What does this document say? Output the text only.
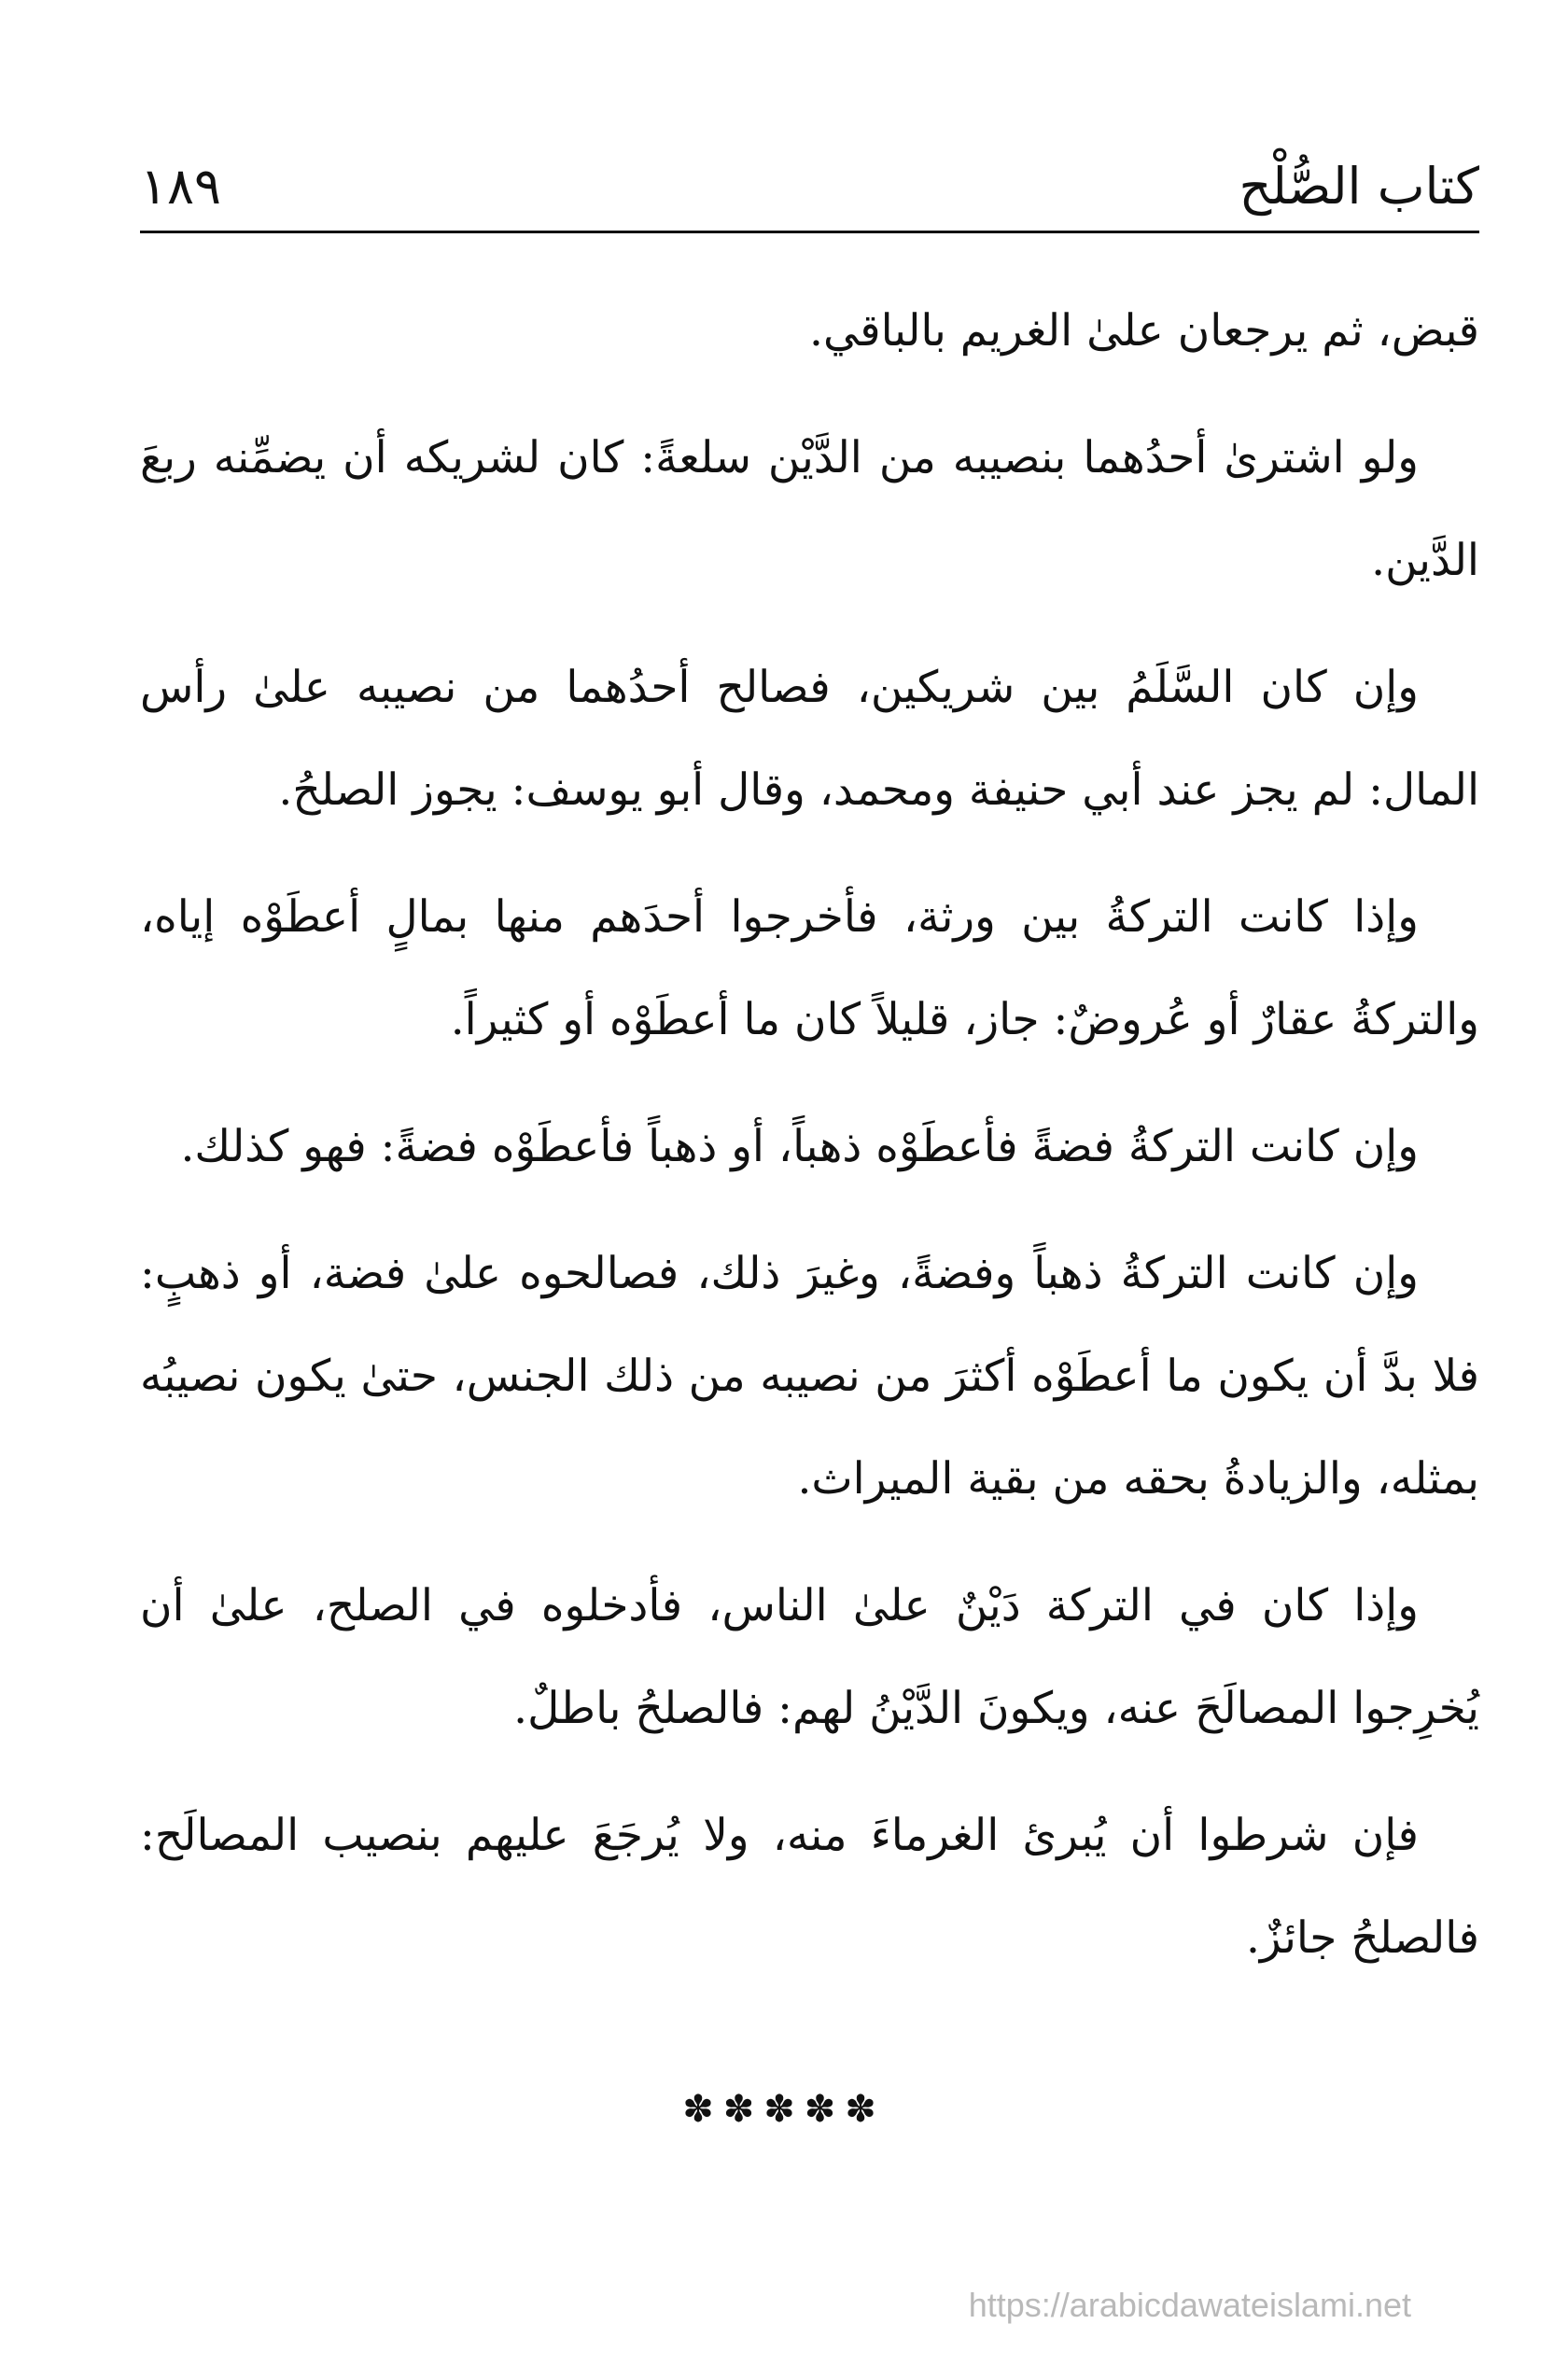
كتاب الصُّلْح
١٨٩

قبض، ثم يرجعان علىٰ الغريم بالباقي.

ولو اشترىٰ أحدُهما بنصيبه من الدَّيْن سلعةً: كان لشريكه أن يضمِّنه ربعَ الدَّين.

وإن كان السَّلَمُ بين شريكين، فصالح أحدُهما من نصيبه علىٰ رأس المال: لم يجز عند أبي حنيفة ومحمد، وقال أبو يوسف: يجوز الصلحُ.

وإذا كانت التركةُ بين ورثة، فأخرجوا أحدَهم منها بمالٍ أعطَوْه إياه، والتركةُ عقارٌ أو عُروضٌ: جاز، قليلاً كان ما أعطَوْه أو كثيراً.

وإن كانت التركةُ فضةً فأعطَوْه ذهباً، أو ذهباً فأعطَوْه فضةً: فهو كذلك.

وإن كانت التركةُ ذهباً وفضةً، وغيرَ ذلك، فصالحوه علىٰ فضة، أو ذهبٍ: فلا بدَّ أن يكون ما أعطَوْه أكثرَ من نصيبه من ذلك الجنس، حتىٰ يكون نصيبُه بمثله، والزيادةُ بحقه من بقية الميراث.

وإذا كان في التركة دَيْنٌ علىٰ الناس، فأدخلوه في الصلح، علىٰ أن يُخرِجوا المصالَحَ عنه، ويكونَ الدَّيْنُ لهم: فالصلحُ باطلٌ.

فإن شرطوا أن يُبرئ الغرماءَ منه، ولا يُرجَعَ عليهم بنصيب المصالَح: فالصلحُ جائزٌ.

✽✽✽✽✽
https://arabicdawateislami.net
